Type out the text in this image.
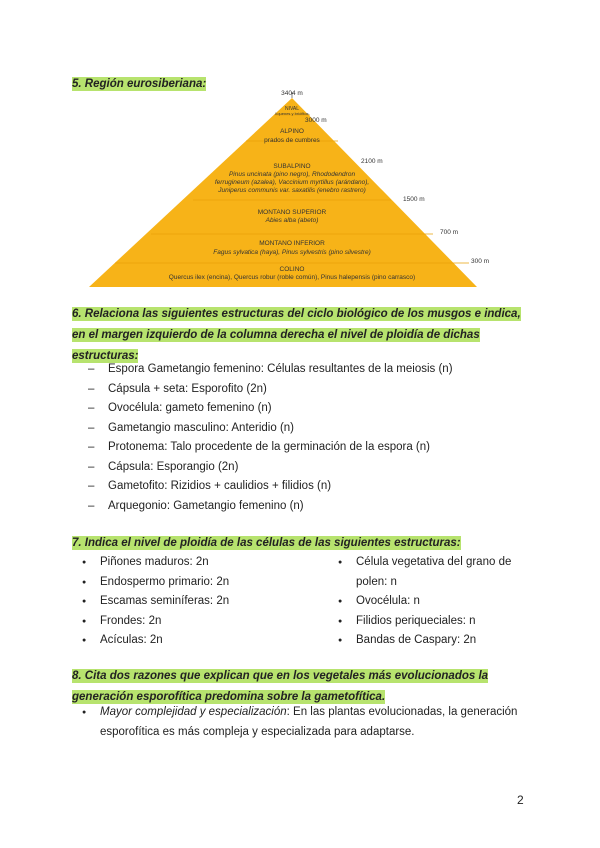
5. Región eurosiberiana:
3404 m
3000 m
2100 m
1500 m
700 m
300 m
NIVAL
líquenes y briófitos
ALPINO
prados de cumbres
SUBALPINO
Pinus uncinata (pino negro), Rhododendron
ferrugineum (azalea), Vaccinium myrtillus (arándano),
Juniperus communis var. saxatilis (enebro rastrero)
MONTANO SUPERIOR
Abies alba (abeto)
MONTANO INFERIOR
Fagus sylvatica (haya), Pinus sylvestris (pino silvestre)
COLINO
Quercus ilex (encina), Quercus robur (roble común), Pinus halepensis (pino carrasco)
6. Relaciona las siguientes estructuras del ciclo biológico de los musgos e indica, en el margen izquierdo de la columna derecha el nivel de ploidía de dichas estructuras:
– Espora Gametangio femenino: Células resultantes de la meiosis (n)
– Cápsula + seta: Esporofito (2n)
– Ovocélula: gameto femenino (n)
– Gametangio masculino: Anteridio (n)
– Protonema: Talo procedente de la germinación de la espora (n)
– Cápsula: Esporangio (2n)
– Gametofito: Rizidios + caulidios + filidios (n)
– Arquegonio: Gametangio femenino (n)
7. Indica el nivel de ploidía de las células de las siguientes estructuras:
● Piñones maduros: 2n
● Endospermo primario: 2n
● Escamas seminíferas: 2n
● Frondes: 2n
● Acículas: 2n
● Célula vegetativa del grano de polen: n
● Ovocélula: n
● Filidios periqueciales: n
● Bandas de Caspary: 2n
8. Cita dos razones que explican que en los vegetales más evolucionados la generación esporofítica predomina sobre la gametofítica.
● Mayor complejidad y especialización: En las plantas evolucionadas, la generación esporofítica es más compleja y especializada para adaptarse.
2
